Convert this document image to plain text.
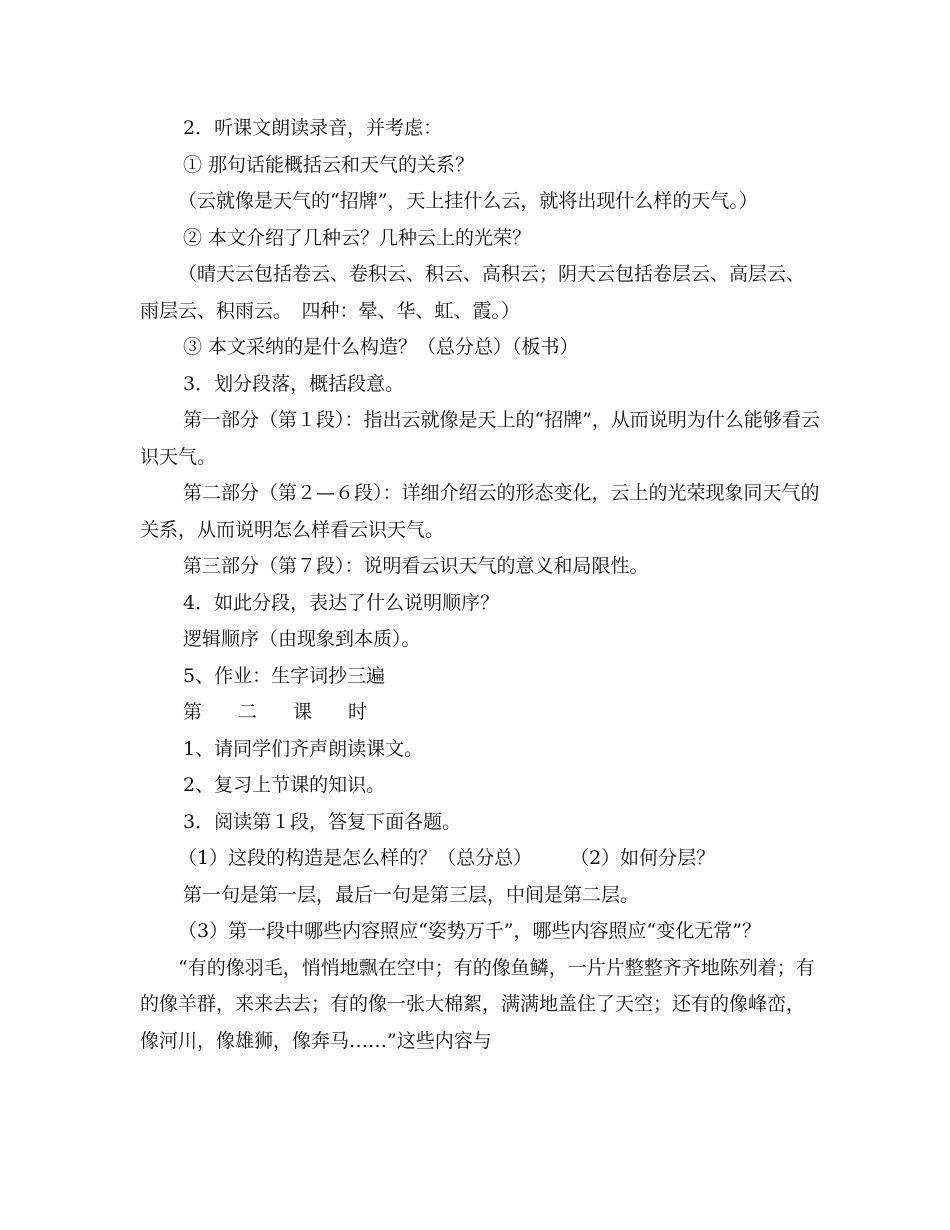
2．听课文朗读录音，并考虑：

① 那句话能概括云和天气的关系？

（云就像是天气的“招牌”，天上挂什么云，就将出现什么样的天气。）

② 本文介绍了几种云？几种云上的光荣？

（晴天云包括卷云、卷积云、积云、高积云；阴天云包括卷层云、高层云、雨层云、积雨云。　四种：晕、华、虹、霞。）

③ 本文采纳的是什么构造？（总分总）（板书）

3．划分段落，概括段意。

第一部分（第１段）：指出云就像是天上的“招牌”，从而说明为什么能够看云识天气。

第二部分（第２—６段）：详细介绍云的形态变化，云上的光荣现象同天气的关系，从而说明怎么样看云识天气。

第三部分（第７段）：说明看云识天气的意义和局限性。

4．如此分段，表达了什么说明顺序？

逻辑顺序（由现象到本质）。

5、作业：生字词抄三遍

第 二 课 时

1、请同学们齐声朗读课文。

2、复习上节课的知识。

3．阅读第１段，答复下面各题。

（1）这段的构造是怎么样的？（总分总）　　　（2）如何分层？

第一句是第一层，最后一句是第三层，中间是第二层。

（3）第一段中哪些内容照应“姿势万千”，哪些内容照应“变化无常”？

“有的像羽毛，悄悄地飘在空中；有的像鱼鳞，一片片整整齐齐地陈列着；有的像羊群，来来去去；有的像一张大棉絮，满满地盖住了天空；还有的像峰峦，像河川，像雄狮，像奔马……”这些内容与
